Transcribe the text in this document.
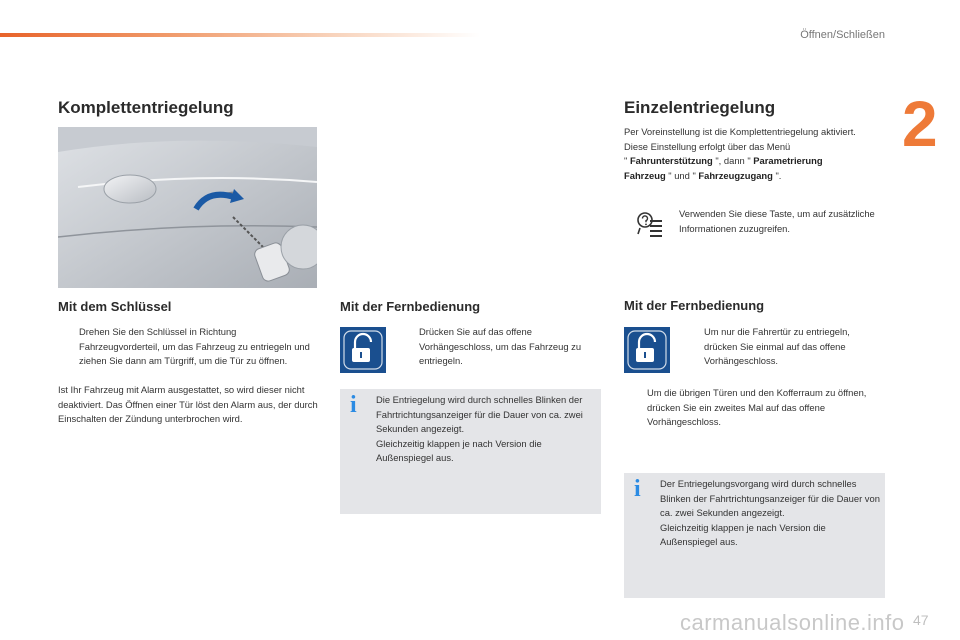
Öffnen/Schließen
2
Komplettentriegelung
Mit dem Schlüssel
Drehen Sie den Schlüssel in Richtung Fahrzeugvorderteil, um das Fahrzeug zu entriegeln und ziehen Sie dann am Türgriff, um die Tür zu öffnen.
Ist Ihr Fahrzeug mit Alarm ausgestattet, so wird dieser nicht deaktiviert. Das Öffnen einer Tür löst den Alarm aus, der durch Einschalten der Zündung unterbrochen wird.
Mit der Fernbedienung
Drücken Sie auf das offene Vorhängeschloss, um das Fahrzeug zu entriegeln.
i	Die Entriegelung wird durch schnelles Blinken der Fahrtrichtungsanzeiger für die Dauer von ca. zwei Sekunden angezeigt.
Gleichzeitig klappen je nach Version die Außenspiegel aus.
Einzelentriegelung
Per Voreinstellung ist die Komplettentriegelung aktiviert.
Diese Einstellung erfolgt über das Menü
" Fahrunterstützung ", dann " Parametrierung
Fahrzeug " und " Fahrzeugzugang ".
Verwenden Sie diese Taste, um auf zusätzliche Informationen zuzugreifen.
Mit der Fernbedienung
Um nur die Fahrertür zu entriegeln, drücken Sie einmal auf das offene Vorhängeschloss.
Um die übrigen Türen und den Kofferraum zu öffnen, drücken Sie ein zweites Mal auf das offene Vorhängeschloss.
i	Der Entriegelungsvorgang wird durch schnelles Blinken der Fahrtrichtungsanzeiger für die Dauer von ca. zwei Sekunden angezeigt.
Gleichzeitig klappen je nach Version die Außenspiegel aus.
carmanualsonline.info 47
